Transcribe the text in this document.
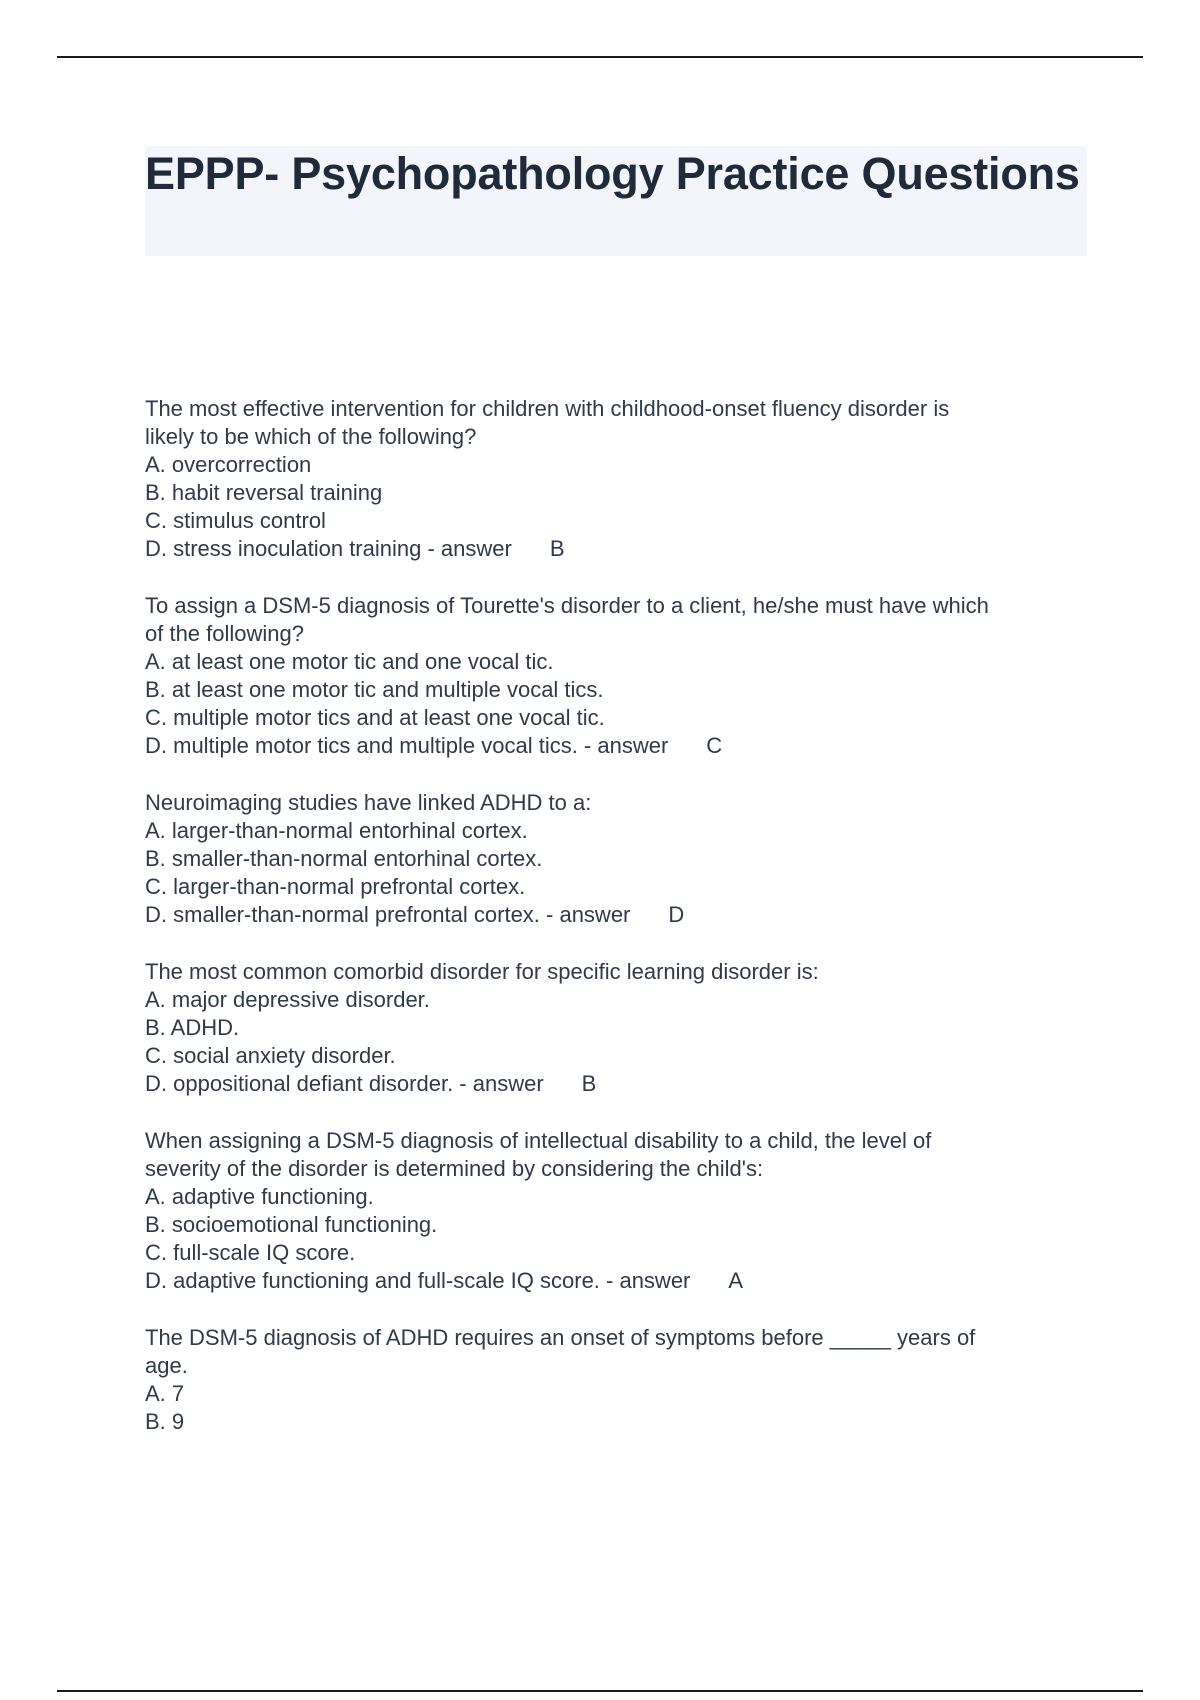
EPPP- Psychopathology Practice Questions

The most effective intervention for children with childhood-onset fluency disorder is

likely to be which of the following?

A. overcorrection

B. habit reversal training

C. stimulus control

D. stress inoculation training - answer B

To assign a DSM-5 diagnosis of Tourette's disorder to a client, he/she must have which

of the following?

A. at least one motor tic and one vocal tic.

B. at least one motor tic and multiple vocal tics.

C. multiple motor tics and at least one vocal tic.

D. multiple motor tics and multiple vocal tics. - answer C

Neuroimaging studies have linked ADHD to a:

A. larger-than-normal entorhinal cortex.

B. smaller-than-normal entorhinal cortex.

C. larger-than-normal prefrontal cortex.

D. smaller-than-normal prefrontal cortex. - answer D

The most common comorbid disorder for specific learning disorder is:

A. major depressive disorder.

B. ADHD.

C. social anxiety disorder.

D. oppositional defiant disorder. - answer B

When assigning a DSM-5 diagnosis of intellectual disability to a child, the level of

severity of the disorder is determined by considering the child's:

A. adaptive functioning.

B. socioemotional functioning.

C. full-scale IQ score.

D. adaptive functioning and full-scale IQ score. - answer A

The DSM-5 diagnosis of ADHD requires an onset of symptoms before _____ years of

age.

A. 7

B. 9
